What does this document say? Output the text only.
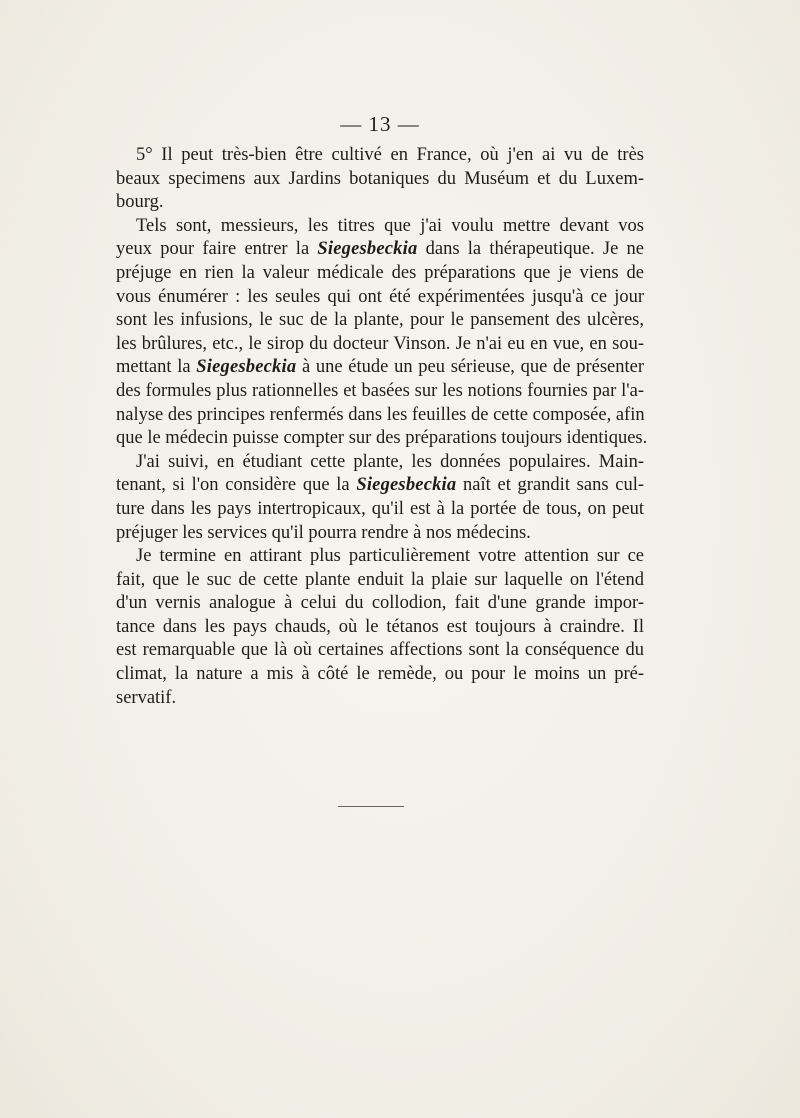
— 13 —
5° Il peut très-bien être cultivé en France, où j'en ai vu de très
beaux specimens aux Jardins botaniques du Muséum et du Luxem-
bourg.
Tels sont, messieurs, les titres que j'ai voulu mettre devant vos
yeux pour faire entrer la Siegesbeckia dans la thérapeutique. Je ne
préjuge en rien la valeur médicale des préparations que je viens de
vous énumérer : les seules qui ont été expérimentées jusqu'à ce jour
sont les infusions, le suc de la plante, pour le pansement des ulcères,
les brûlures, etc., le sirop du docteur Vinson. Je n'ai eu en vue, en sou-
mettant la Siegesbeckia à une étude un peu sérieuse, que de présenter
des formules plus rationnelles et basées sur les notions fournies par l'a-
nalyse des principes renfermés dans les feuilles de cette composée, afin
que le médecin puisse compter sur des préparations toujours identiques.
J'ai suivi, en étudiant cette plante, les données populaires. Main-
tenant, si l'on considère que la Siegesbeckia naît et grandit sans cul-
ture dans les pays intertropicaux, qu'il est à la portée de tous, on peut
préjuger les services qu'il pourra rendre à nos médecins.
Je termine en attirant plus particulièrement votre attention sur ce
fait, que le suc de cette plante enduit la plaie sur laquelle on l'étend
d'un vernis analogue à celui du collodion, fait d'une grande impor-
tance dans les pays chauds, où le tétanos est toujours à craindre. Il
est remarquable que là où certaines affections sont la conséquence du
climat, la nature a mis à côté le remède, ou pour le moins un pré-
servatif.
